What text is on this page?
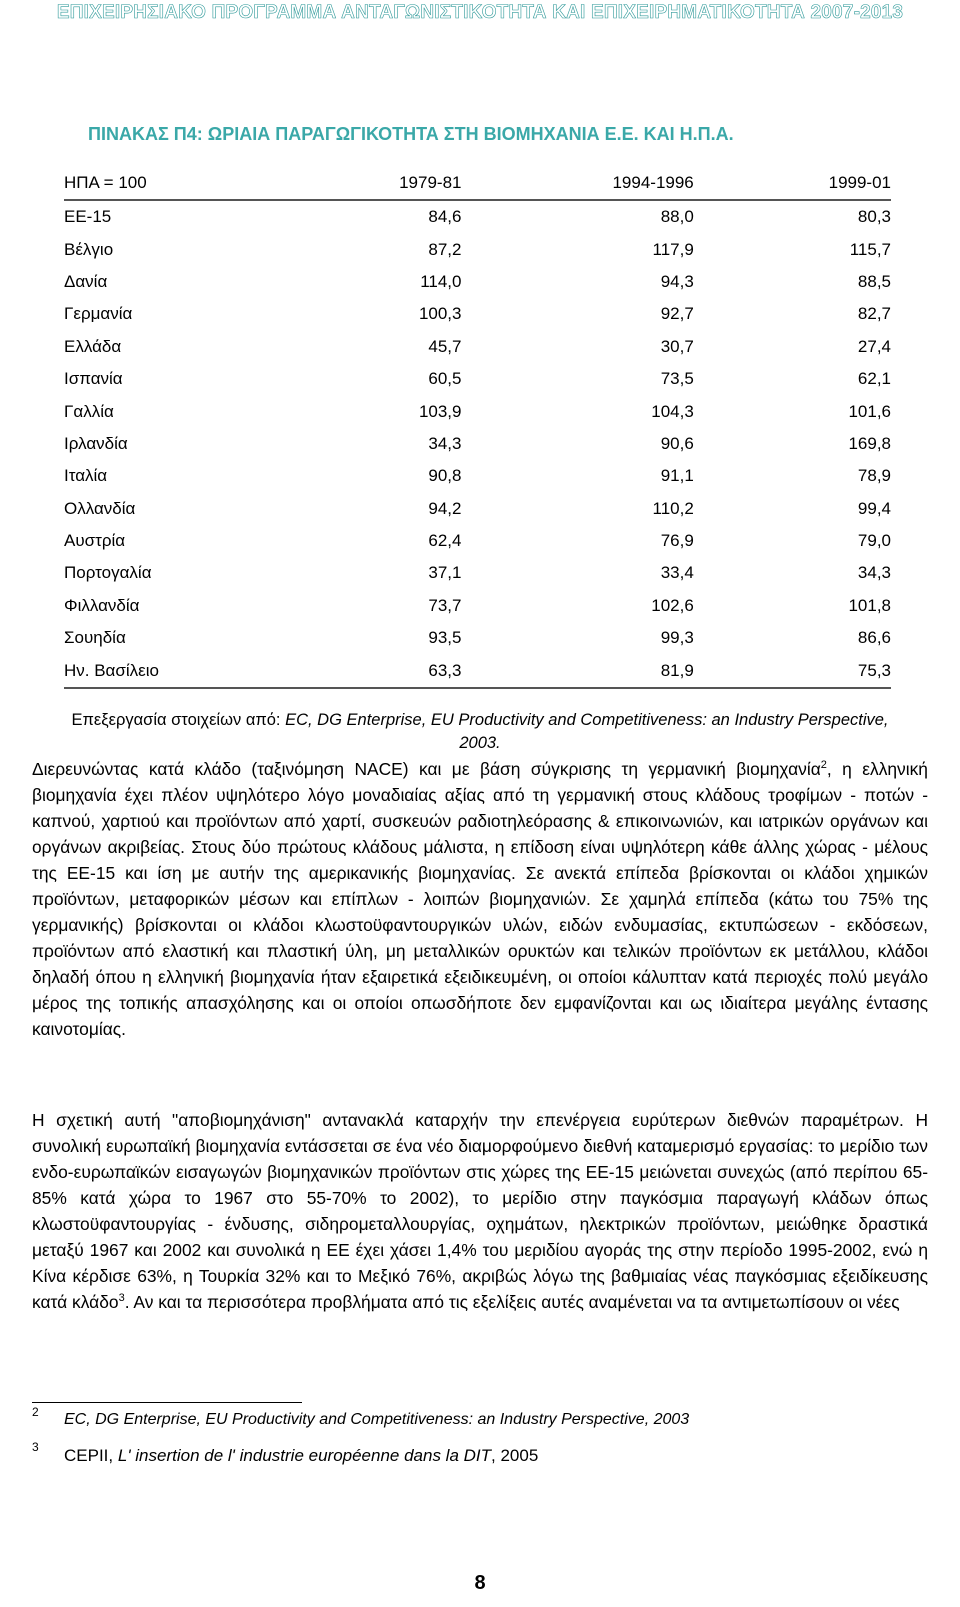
ΕΠΙΧΕΙΡΗΣΙΑΚΟ ΠΡΟΓΡΑΜΜΑ ΑΝΤΑΓΩΝΙΣΤΙΚΟΤΗΤΑ ΚΑΙ ΕΠΙΧΕΙΡΗΜΑΤΙΚΟΤΗΤΑ 2007-2013
ΠΙΝΑΚΑΣ Π4: ΩΡΙΑΙΑ ΠΑΡΑΓΩΓΙΚΟΤΗΤΑ ΣΤΗ ΒΙΟΜΗΧΑΝΙΑ Ε.Ε. ΚΑΙ Η.Π.Α.
ΗΠΑ = 100	1979-81	1994-1996	1999-01
ΕΕ-15	84,6	88,0	80,3
Βέλγιο	87,2	117,9	115,7
Δανία	114,0	94,3	88,5
Γερμανία	100,3	92,7	82,7
Ελλάδα	45,7	30,7	27,4
Ισπανία	60,5	73,5	62,1
Γαλλία	103,9	104,3	101,6
Ιρλανδία	34,3	90,6	169,8
Ιταλία	90,8	91,1	78,9
Ολλανδία	94,2	110,2	99,4
Αυστρία	62,4	76,9	79,0
Πορτογαλία	37,1	33,4	34,3
Φιλλανδία	73,7	102,6	101,8
Σουηδία	93,5	99,3	86,6
Ην. Βασίλειο	63,3	81,9	75,3
Επεξεργασία στοιχείων από: EC, DG Enterprise, EU Productivity and Competitiveness: an Industry Perspective, 2003.
Διερευνώντας κατά κλάδο (ταξινόμηση NACE) και με βάση σύγκρισης τη γερμανική βιομηχανία$^2$, η ελληνική βιομηχανία έχει πλέον υψηλότερο λόγο μοναδιαίας αξίας από τη γερμανική στους κλάδους τροφίμων - ποτών - καπνού, χαρτιού και προϊόντων από χαρτί, συσκευών ραδιοτηλεόρασης & επικοινωνιών, και ιατρικών οργάνων και οργάνων ακριβείας. Στους δύο πρώτους κλάδους μάλιστα, η επίδοση είναι υψηλότερη κάθε άλλης χώρας - μέλους της ΕΕ-15 και ίση με αυτήν της αμερικανικής βιομηχανίας. Σε ανεκτά επίπεδα βρίσκονται οι κλάδοι χημικών προϊόντων, μεταφορικών μέσων και επίπλων - λοιπών βιομηχανιών. Σε χαμηλά επίπεδα (κάτω του 75% της γερμανικής) βρίσκονται οι κλάδοι κλωστοϋφαντουργικών υλών, ειδών ενδυμασίας, εκτυπώσεων - εκδόσεων, προϊόντων από ελαστική και πλαστική ύλη, μη μεταλλικών ορυκτών και τελικών προϊόντων εκ μετάλλου, κλάδοι δηλαδή όπου η ελληνική βιομηχανία ήταν εξαιρετικά εξειδικευμένη, οι οποίοι κάλυπταν κατά περιοχές πολύ μεγάλο μέρος της τοπικής απασχόλησης και οι οποίοι οπωσδήποτε δεν εμφανίζονται και ως ιδιαίτερα μεγάλης έντασης καινοτομίας.
Η σχετική αυτή "αποβιομηχάνιση" αντανακλά καταρχήν την επενέργεια ευρύτερων διεθνών παραμέτρων. Η συνολική ευρωπαϊκή βιομηχανία εντάσσεται σε ένα νέο διαμορφούμενο διεθνή καταμερισμό εργασίας: το μερίδιο των ενδο-ευρωπαϊκών εισαγωγών βιομηχανικών προϊόντων στις χώρες της ΕΕ-15 μειώνεται συνεχώς (από περίπου 65-85% κατά χώρα το 1967 στο 55-70% το 2002), το μερίδιο στην παγκόσμια παραγωγή κλάδων όπως κλωστοϋφαντουργίας - ένδυσης, σιδηρομεταλλουργίας, οχημάτων, ηλεκτρικών προϊόντων, μειώθηκε δραστικά μεταξύ 1967 και 2002 και συνολικά η ΕΕ έχει χάσει 1,4% του μεριδίου αγοράς της στην περίοδο 1995-2002, ενώ η Κίνα κέρδισε 63%, η Τουρκία 32% και το Μεξικό 76%, ακριβώς λόγω της βαθμιαίας νέας παγκόσμιας εξειδίκευσης κατά κλάδο$^3$. Αν και τα περισσότερα προβλήματα από τις εξελίξεις αυτές αναμένεται να τα αντιμετωπίσουν οι νέες
2 EC, DG Enterprise, EU Productivity and Competitiveness: an Industry Perspective, 2003
3 CEPII, L' insertion de l' industrie européenne dans la DIT, 2005
8
